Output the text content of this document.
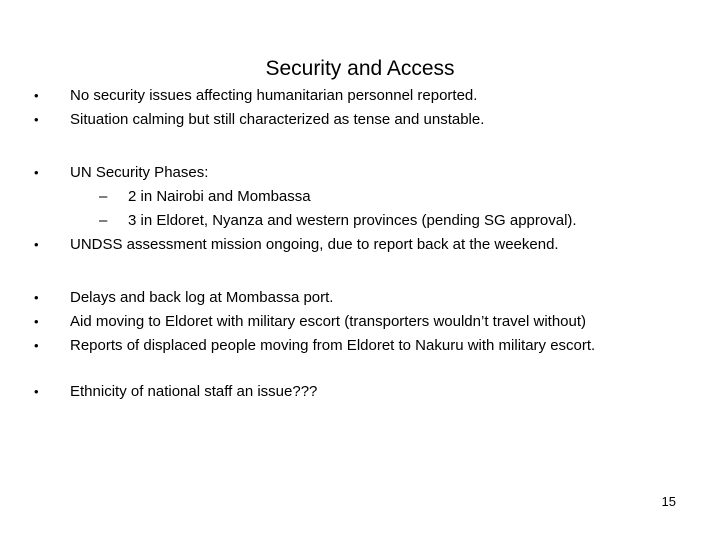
Security and Access
• No security issues affecting humanitarian personnel reported.
• Situation calming but still characterized as tense and unstable.
• UN Security Phases:
– 2 in Nairobi and Mombassa
– 3 in Eldoret, Nyanza and western provinces (pending SG approval).
• UNDSS assessment mission ongoing, due to report back at the weekend.
• Delays and back log at Mombassa port.
• Aid moving to Eldoret with military escort (transporters wouldn’t travel without)
• Reports of displaced people moving from Eldoret to Nakuru with military escort.
• Ethnicity of national staff an issue???
15
